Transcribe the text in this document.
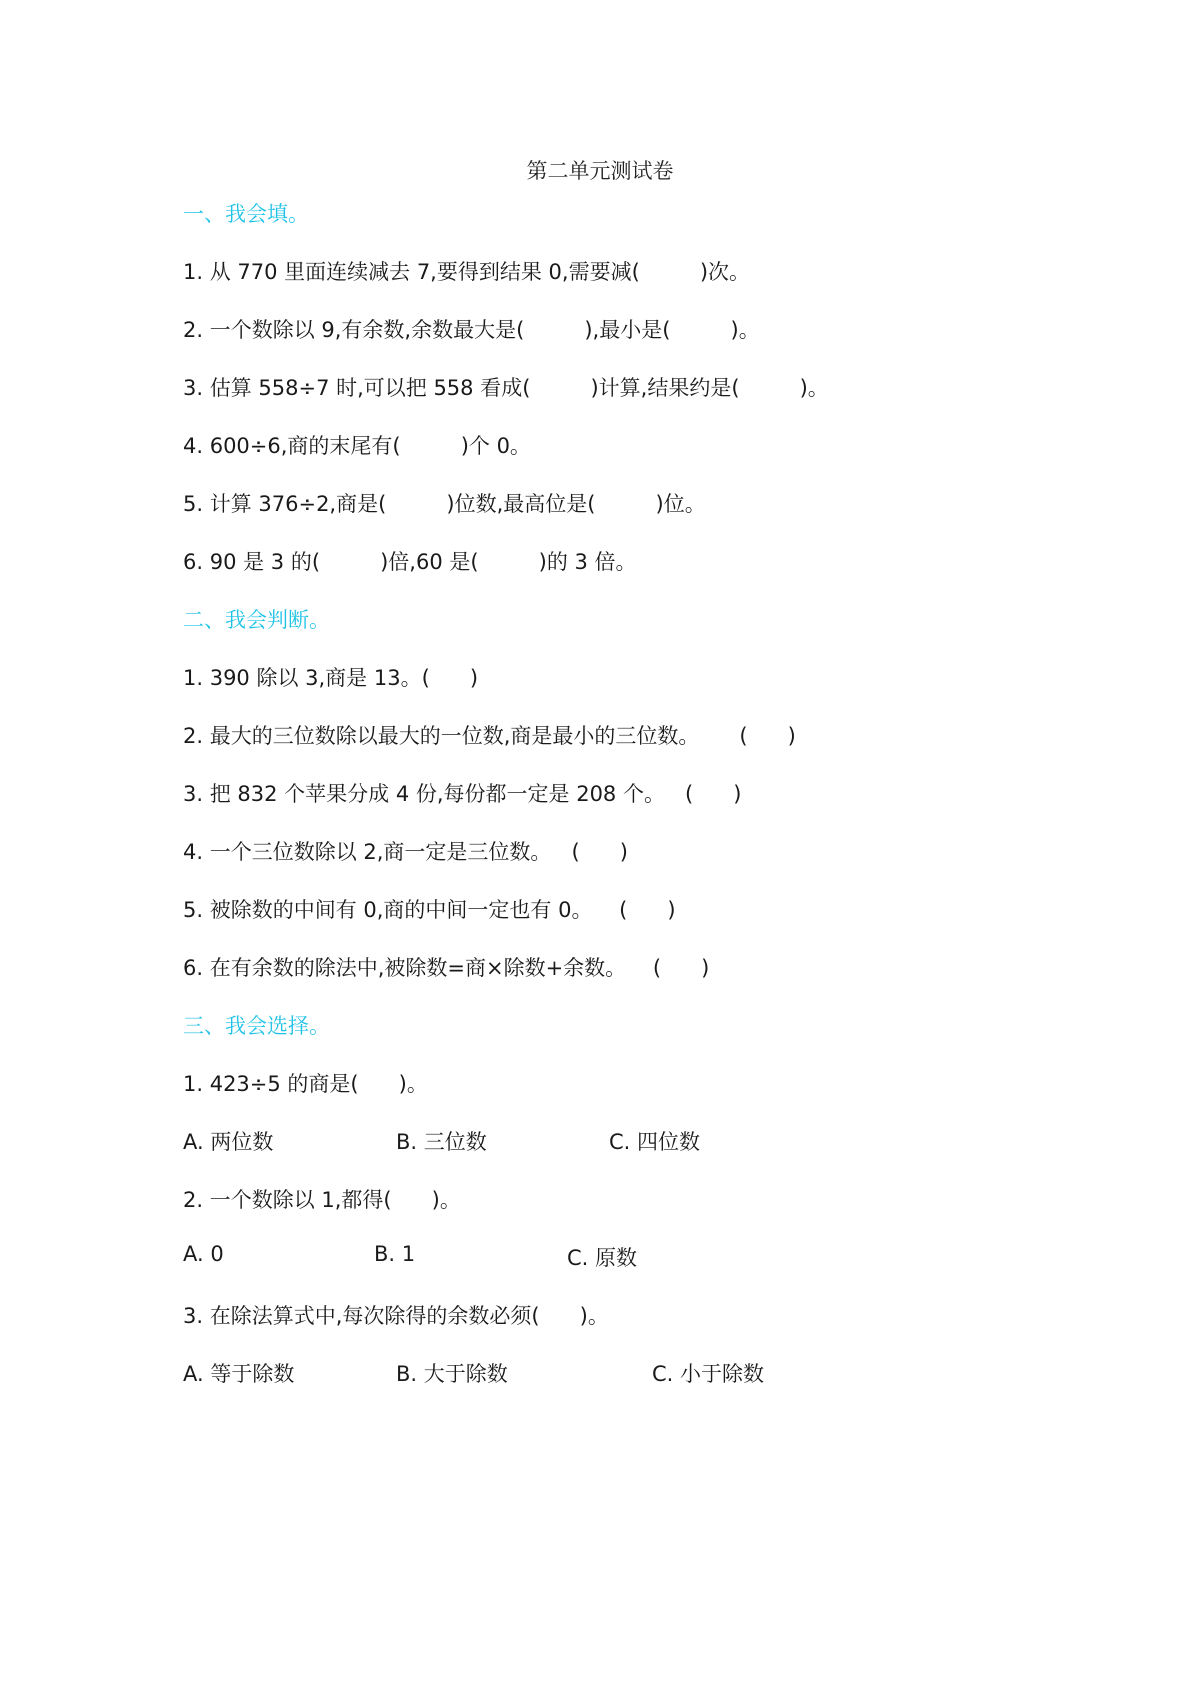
第二单元测试卷
一、我会填。
1. 从 770 里面连续减去 7,要得到结果 0,需要减(         )次。
2. 一个数除以 9,有余数,余数最大是(         ),最小是(         )。
3. 估算 558÷7 时,可以把 558 看成(         )计算,结果约是(         )。
4. 600÷6,商的末尾有(         )个 0。
5. 计算 376÷2,商是(         )位数,最高位是(         )位。
6. 90 是 3 的(         )倍,60 是(         )的 3 倍。
二、我会判断。
1. 390 除以 3,商是 13。(      )
2. 最大的三位数除以最大的一位数,商是最小的三位数。      (      )
3. 把 832 个苹果分成 4 份,每份都一定是 208 个。   (      )
4. 一个三位数除以 2,商一定是三位数。   (      )
5. 被除数的中间有 0,商的中间一定也有 0。    (      )
6. 在有余数的除法中,被除数=商×除数+余数。    (      )
三、我会选择。
1. 423÷5 的商是(      )。
A. 两位数	B. 三位数	C. 四位数
2. 一个数除以 1,都得(      )。
A. 0	B. 1	C. 原数
3. 在除法算式中,每次除得的余数必须(      )。
A. 等于除数	B. 大于除数	C. 小于除数
